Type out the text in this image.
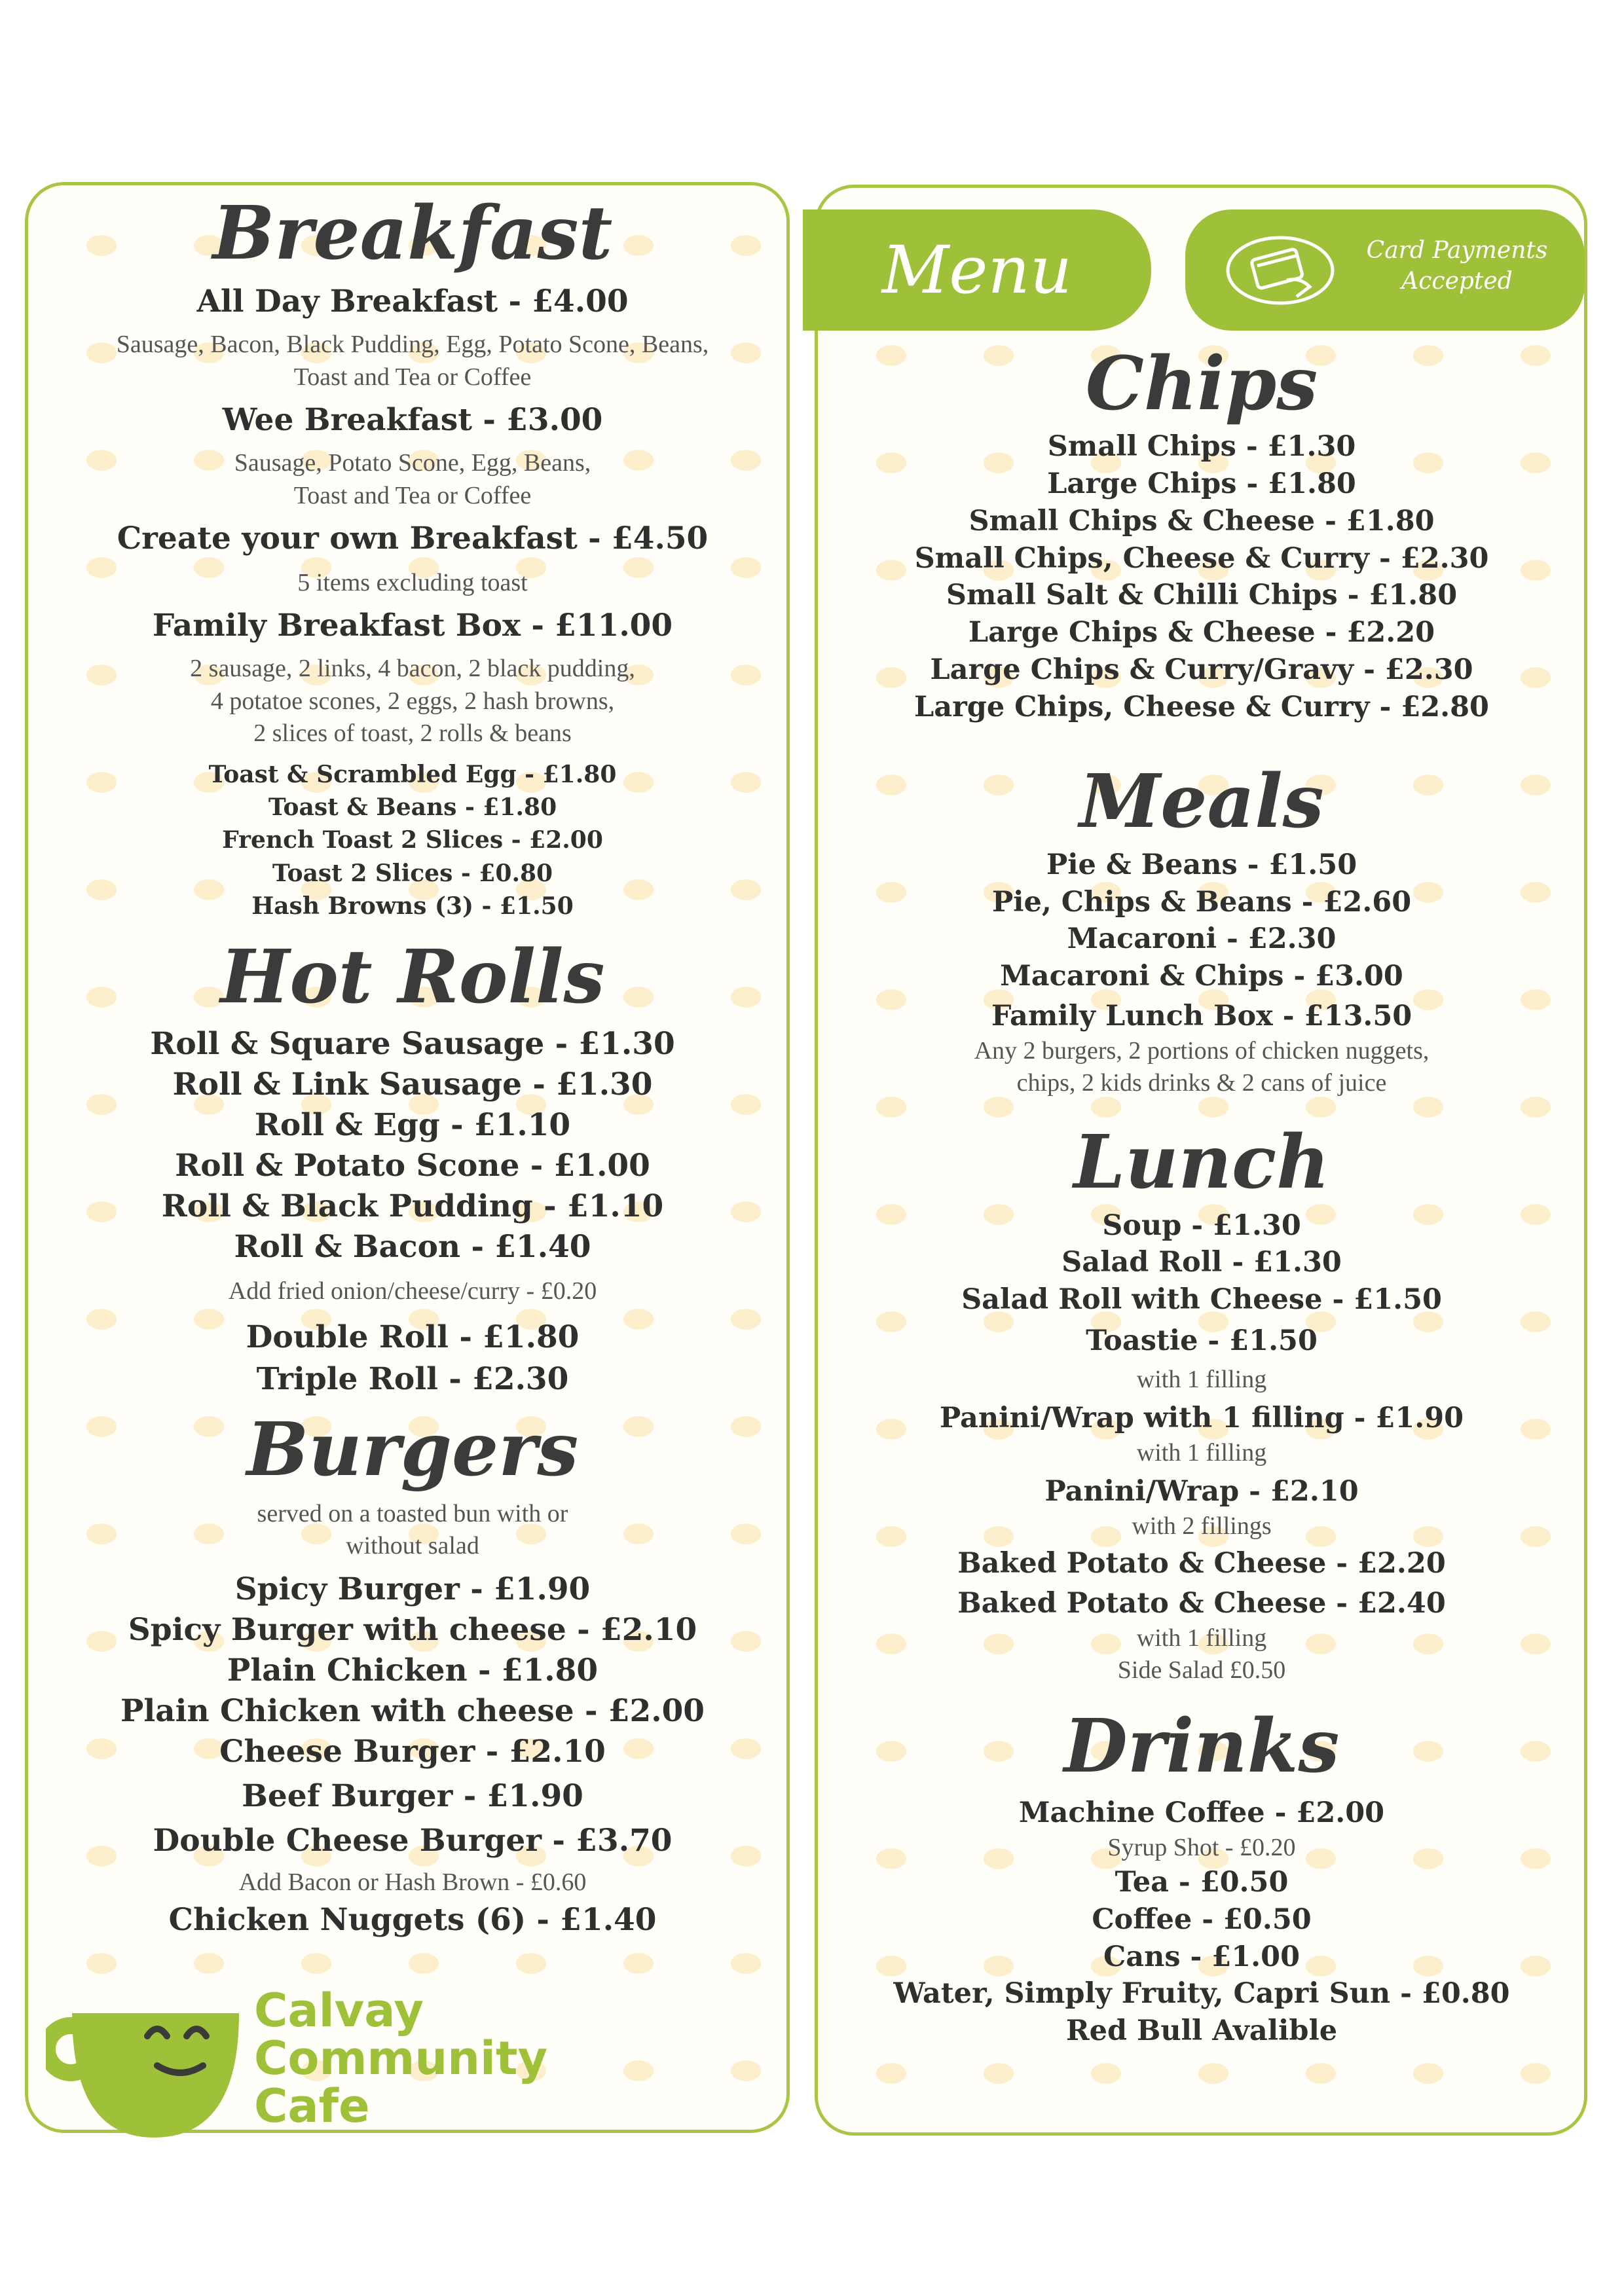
Menu	Card Payments Accepted
Breakfast
All Day Breakfast - £4.00
Sausage, Bacon, Black Pudding, Egg, Potato Scone, Beans,
Toast and Tea or Coffee
Wee Breakfast - £3.00
Sausage, Potato Scone, Egg, Beans,
Toast and Tea or Coffee
Create your own Breakfast - £4.50
5 items excluding toast
Family Breakfast Box - £11.00
2 sausage, 2 links, 4 bacon, 2 black pudding,
4 potatoe scones, 2 eggs, 2 hash browns,
2 slices of toast, 2 rolls & beans
Toast & Scrambled Egg - £1.80
Toast & Beans - £1.80
French Toast 2 Slices - £2.00
Toast 2 Slices - £0.80
Hash Browns (3) - £1.50
Hot Rolls
Roll & Square Sausage - £1.30
Roll & Link Sausage - £1.30
Roll & Egg - £1.10
Roll & Potato Scone - £1.00
Roll & Black Pudding - £1.10
Roll & Bacon - £1.40
Add fried onion/cheese/curry - £0.20
Double Roll - £1.80
Triple Roll - £2.30
Burgers
served on a toasted bun with or
without salad
Spicy Burger - £1.90
Spicy Burger with cheese - £2.10
Plain Chicken - £1.80
Plain Chicken with cheese - £2.00
Cheese Burger - £2.10
Beef Burger - £1.90
Double Cheese Burger - £3.70
Add Bacon or Hash Brown - £0.60
Chicken Nuggets (6) - £1.40
Calvay
Community
Cafe
Chips
Small Chips - £1.30
Large Chips - £1.80
Small Chips & Cheese - £1.80
Small Chips, Cheese & Curry - £2.30
Small Salt & Chilli Chips - £1.80
Large Chips & Cheese - £2.20
Large Chips & Curry/Gravy - £2.30
Large Chips, Cheese & Curry - £2.80
Meals
Pie & Beans - £1.50
Pie, Chips & Beans - £2.60
Macaroni - £2.30
Macaroni & Chips - £3.00
Family Lunch Box - £13.50
Any 2 burgers, 2 portions of chicken nuggets,
chips, 2 kids drinks & 2 cans of juice
Lunch
Soup - £1.30
Salad Roll - £1.30
Salad Roll with Cheese - £1.50
Toastie - £1.50
with 1 filling
Panini/Wrap with 1 filling - £1.90
with 1 filling
Panini/Wrap - £2.10
with 2 fillings
Baked Potato & Cheese - £2.20
Baked Potato & Cheese - £2.40
with 1 filling
Side Salad £0.50
Drinks
Machine Coffee - £2.00
Syrup Shot - £0.20
Tea - £0.50
Coffee - £0.50
Cans - £1.00
Water, Simply Fruity, Capri Sun - £0.80
Red Bull Avalible
